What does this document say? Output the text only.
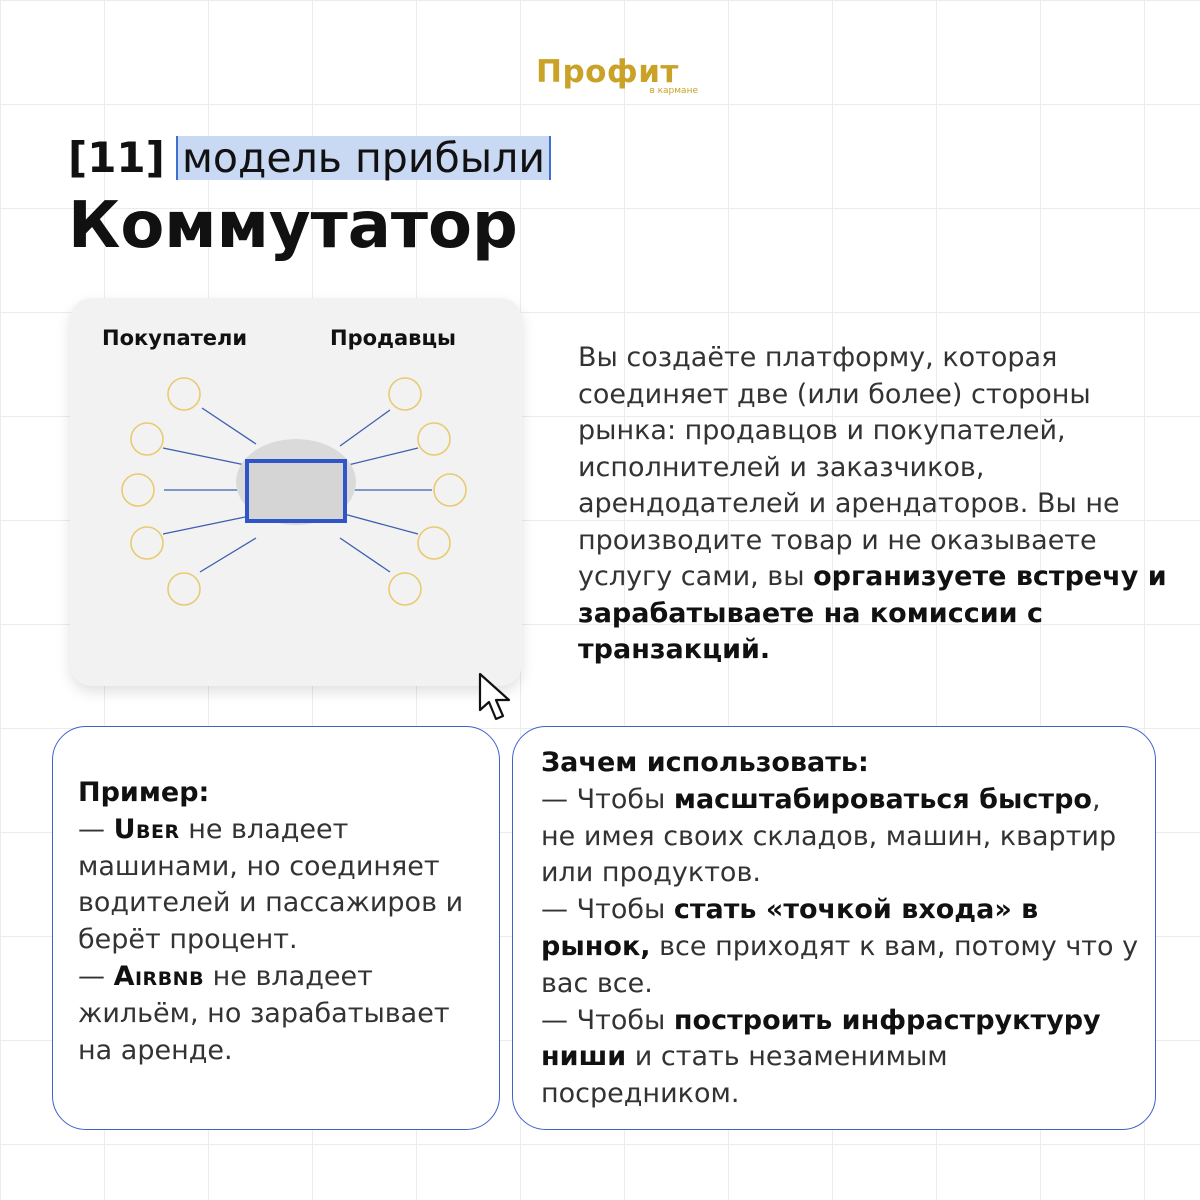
Профит
в кармане
[11] модель прибыли
Коммутатор
Покупатели	Продавцы
Вы создаёте платформу, которая соединяет две (или более) стороны рынка: продавцов и покупателей, исполнителей и заказчиков, арендодателей и арендаторов. Вы не производите товар и не оказываете услугу сами, вы организуете встречу и зарабатываете на комиссии с транзакций.

Пример:

— Uber не владеет машинами, но соединяет водителей и пассажиров и берёт процент.

— Airbnb не владеет жильём, но зарабатывает на аренде.

Зачем использовать:

— Чтобы масштабироваться быстро, не имея своих складов, машин, квартир или продуктов.

— Чтобы стать «точкой входа» в рынок, все приходят к вам, потому что у вас все.

— Чтобы построить инфраструктуру ниши и стать незаменимым посредником.
